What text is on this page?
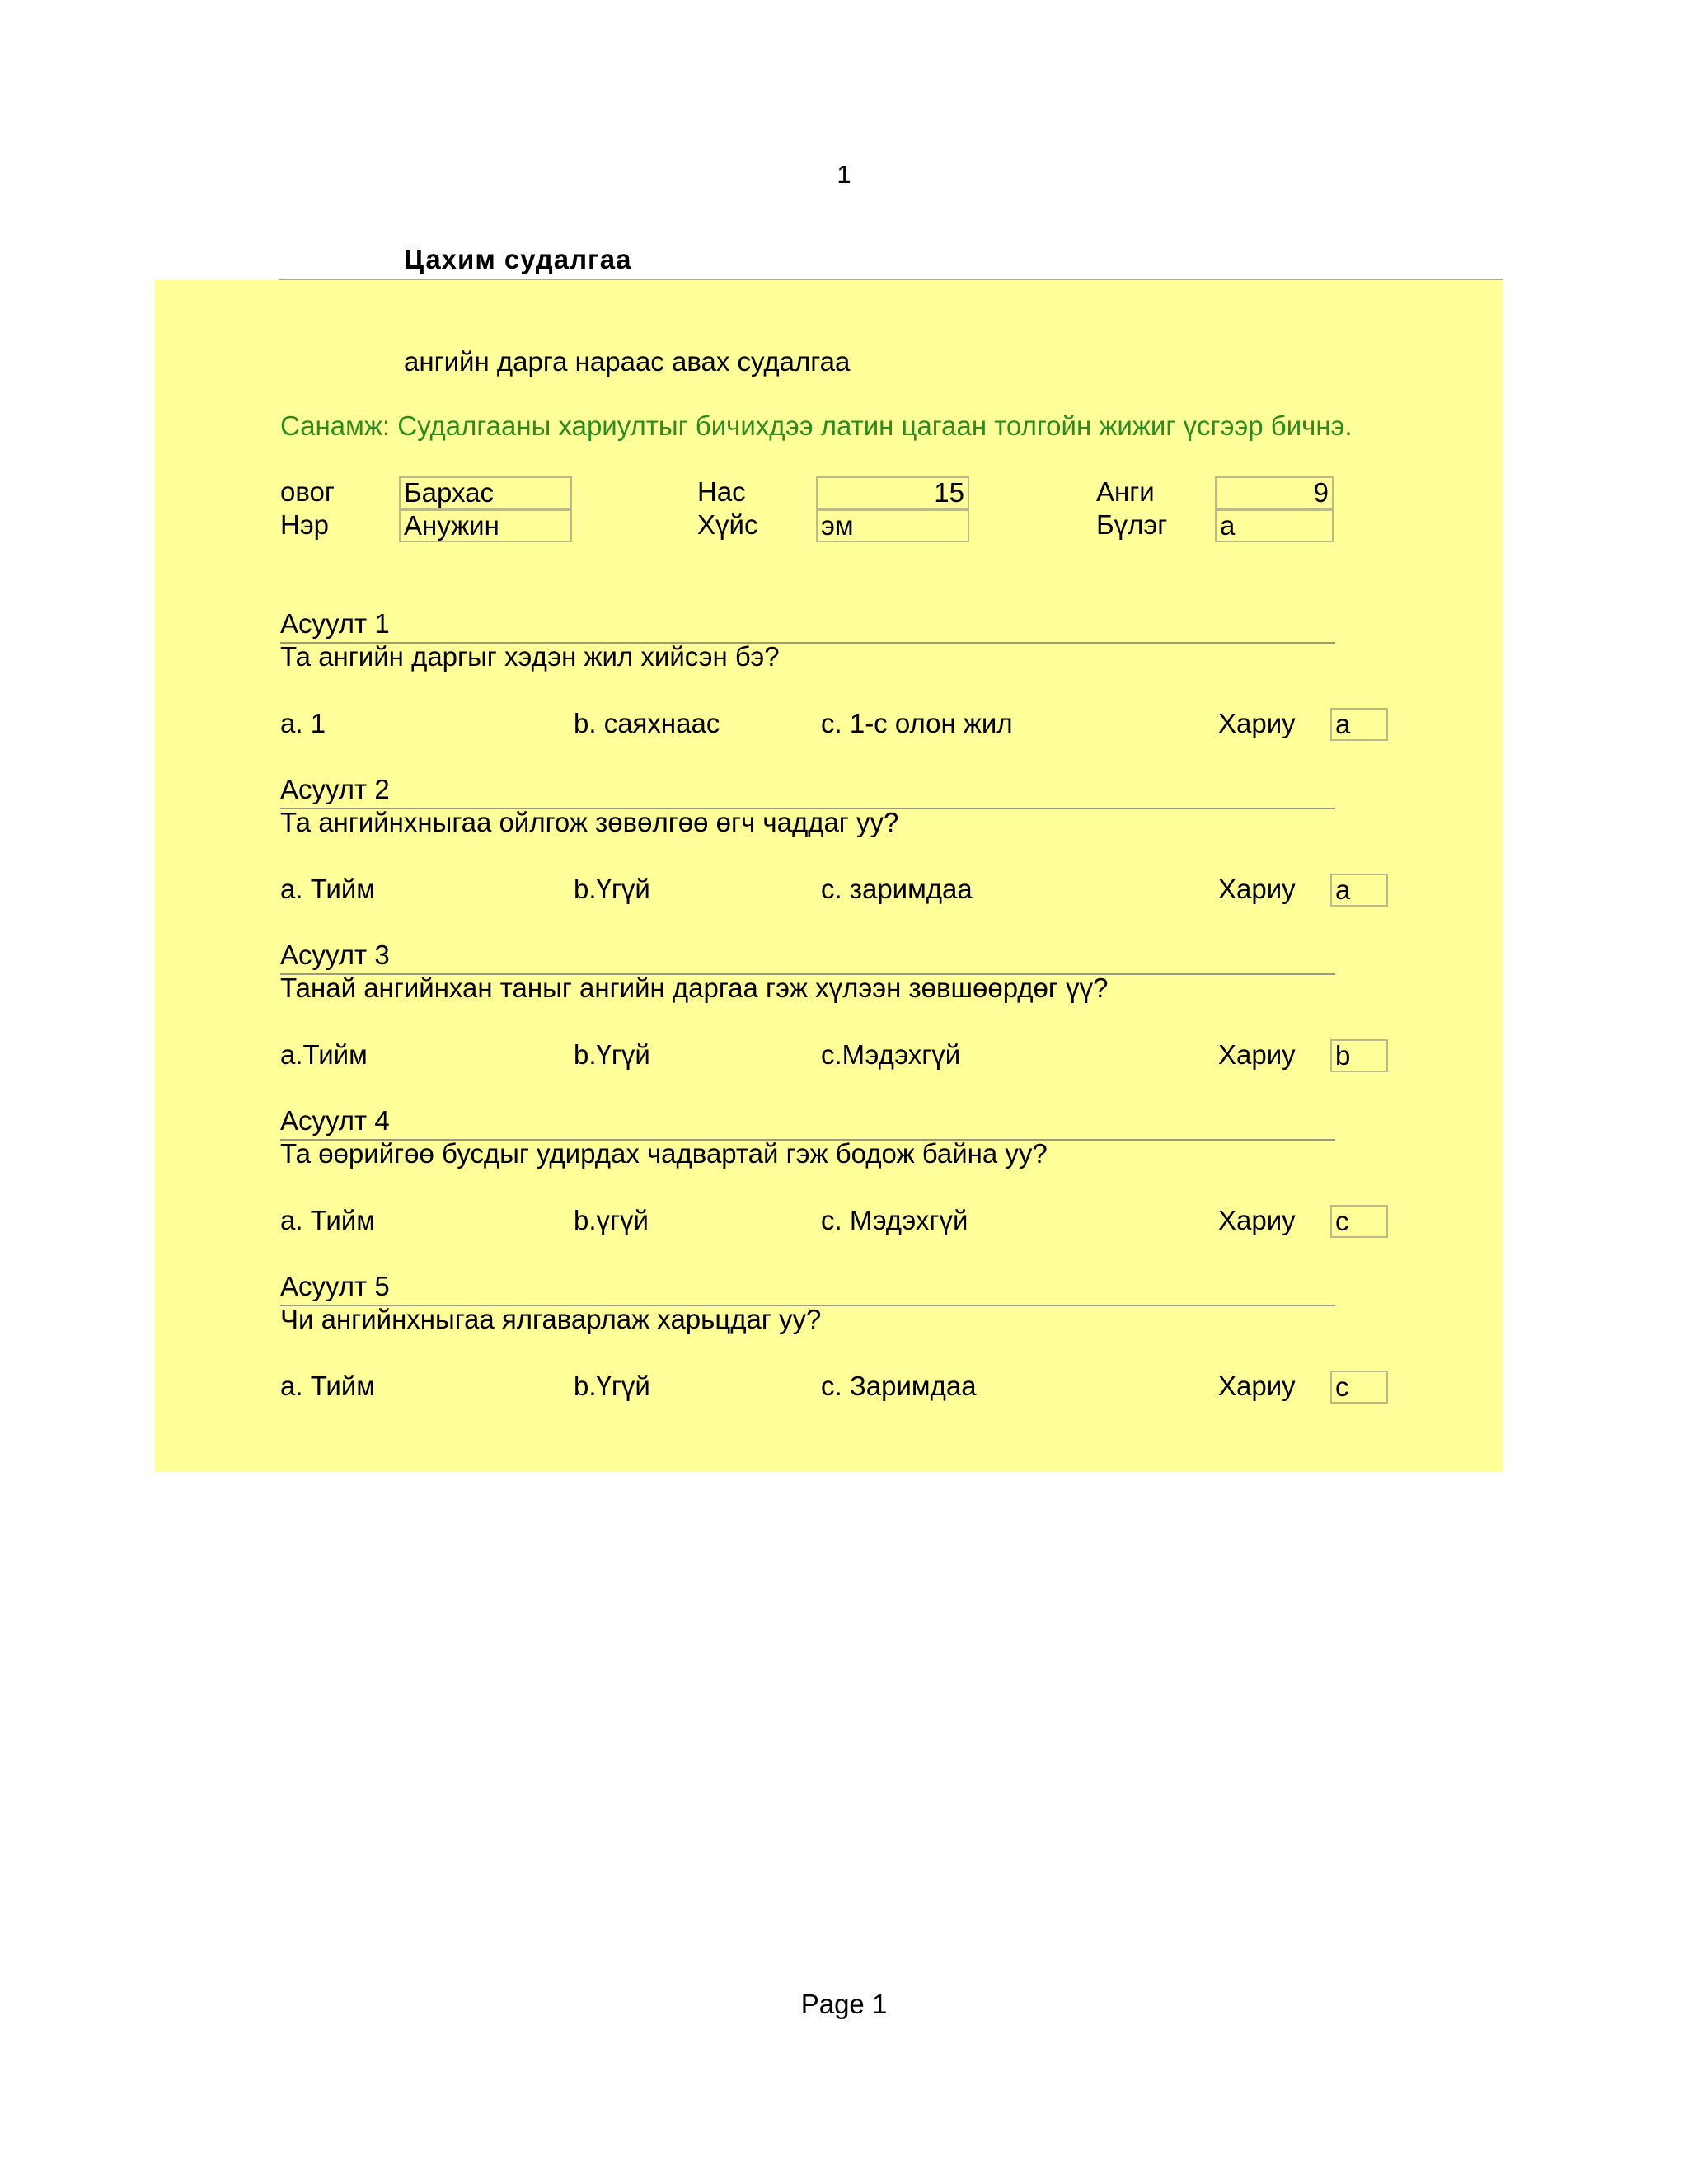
1
Цахим судалгаа
ангийн дарга нараас авах судалгаа
Санамж: Судалгааны хариултыг бичихдээ латин цагаан толгойн жижиг үсгээр бичнэ.
овог	Бархас
Нэр	Анужин
Нас	15
Хүйс эм
Анги	9
Бүлэг а
Асуулт 1
Та ангийн даргыг хэдэн жил хийсэн бэ?
a. 1	b. саяхнаас	c. 1-с олон жил	Хариу a
Асуулт 2
Та ангийнхныгаа ойлгож зөвөлгөө өгч чаддаг уу?
a. Тийм	b.Үгүй	c. заримдаа	Хариу a
Асуулт 3
Танай ангийнхан таныг ангийн даргаа гэж хүлээн зөвшөөрдөг үү?
a.Тийм	b.Үгүй	c.Мэдэхгүй	Хариу b
Асуулт 4
Та өөрийгөө бусдыг удирдах чадвартай гэж бодож байна уу?
a. Тийм	b.үгүй	c. Мэдэхгүй	Хариу c
Асуулт 5
Чи ангийнхныгаа ялгаварлаж харьцдаг уу?
a. Тийм	b.Үгүй	c. Заримдаа	Хариу c
Page 1
